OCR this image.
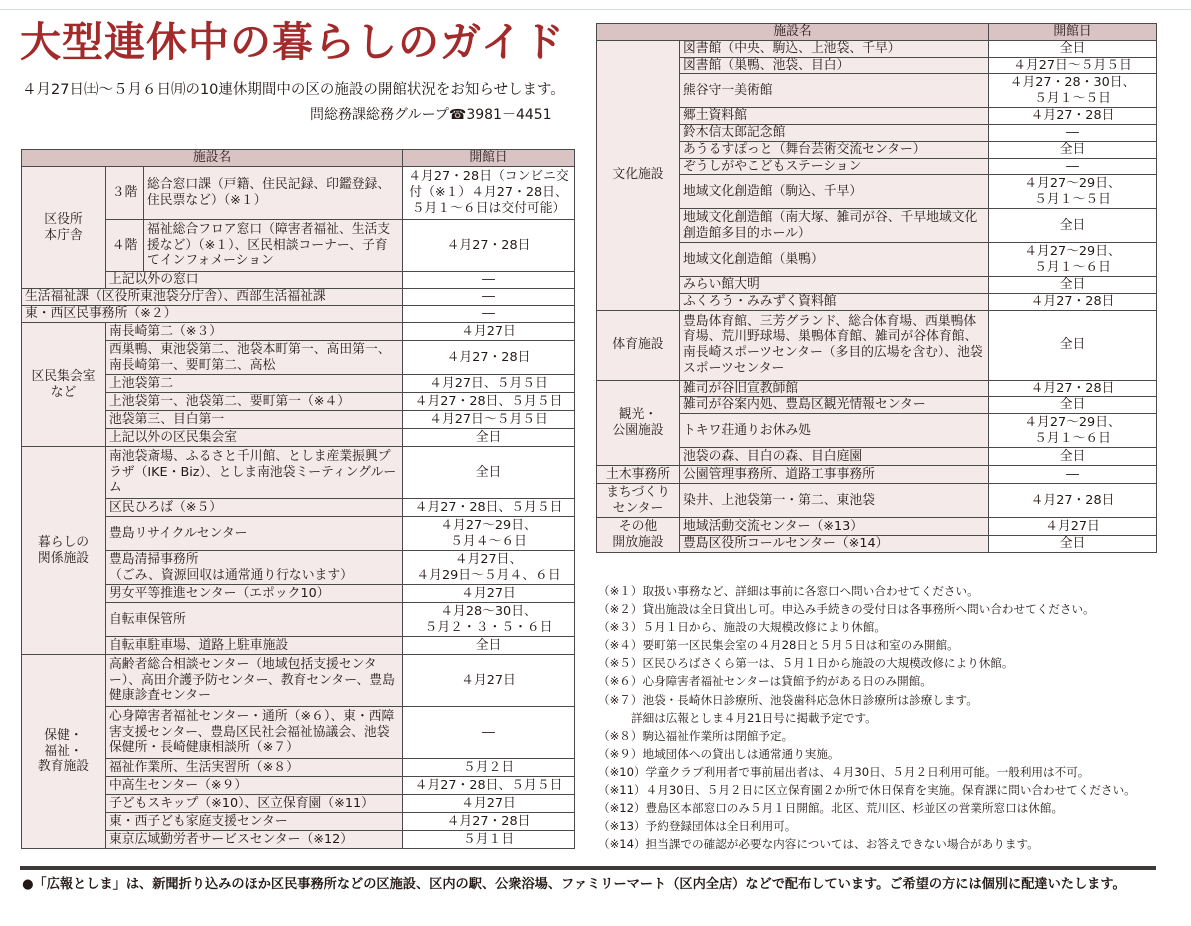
大型連休中の暮らしのガイド
４月27日㈯～５月６日㈪の10連休期間中の区の施設の開館状況をお知らせします。
問総務課総務グループ☎3981－4451
施設名			開館日
区役所
本庁舎	３階	総合窓口課（戸籍、住民記録、印鑑登録、住民票など）（※１）	４月27・28日（コンビニ交付（※１）４月27・28日、５月１～６日は交付可能）
	４階	福祉総合フロア窓口（障害者福祉、生活支援など）（※１）、区民相談コーナー、子育てインフォメーション	４月27・28日
	上記以外の窓口		―
生活福祉課（区役所東池袋分庁舎）、西部生活福祉課			―
東・西区民事務所（※２）			―
区民集会室
など	南長崎第二（※３）		４月27日
	西巣鴨、東池袋第二、池袋本町第一、高田第一、南長崎第一、要町第二、高松		４月27・28日
	上池袋第二		４月27日、５月５日
	上池袋第一、池袋第二、要町第一（※４）		４月27・28日、５月５日
	池袋第三、目白第一		４月27日～５月５日
	上記以外の区民集会室		全日
暮らしの
関係施設	南池袋斎場、ふるさと千川館、としま産業振興プラザ（IKE・Biz）、としま南池袋ミーティングルーム		全日
	区民ひろば（※５）		４月27・28日、５月５日
	豊島リサイクルセンター		４月27～29日、
５月４～６日
	豊島清掃事務所
（ごみ、資源回収は通常通り行ないます）		４月27日、
４月29日～５月４、６日
	男女平等推進センター（エポック10）		４月27日
	自転車保管所		４月28～30日、
５月２・３・５・６日
	自転車駐車場、道路上駐車施設		全日
保健・
福祉・
教育施設	高齢者総合相談センター（地域包括支援センター）、高田介護予防センター、教育センター、豊島健康診査センター		４月27日
	心身障害者福祉センター・通所（※６）、東・西障害支援センター、豊島区民社会福祉協議会、池袋保健所・長崎健康相談所（※７）		―
	福祉作業所、生活実習所（※８）		５月２日
	中高生センター（※９）		４月27・28日、５月５日
	子どもスキップ（※10）、区立保育園（※11）		４月27日
	東・西子ども家庭支援センター		４月27・28日
	東京広域勤労者サービスセンター（※12）		５月１日
施設名		開館日
文化施設	図書館（中央、駒込、上池袋、千早）	全日
	図書館（巣鴨、池袋、目白）	４月27日～５月５日
	熊谷守一美術館	４月27・28・30日、
５月１～５日
	郷土資料館	４月27・28日
	鈴木信太郎記念館	―
	あうるすぽっと（舞台芸術交流センター）	全日
	ぞうしがやこどもステーション	―
	地域文化創造館（駒込、千早）	４月27～29日、
５月１～５日
	地域文化創造館（南大塚、雑司が谷、千早地域文化創造館多目的ホール）	全日
	地域文化創造館（巣鴨）	４月27～29日、
５月１～６日
	みらい館大明	全日
	ふくろう・みみずく資料館	４月27・28日
体育施設	豊島体育館、三芳グランド、総合体育場、西巣鴨体育場、荒川野球場、巣鴨体育館、雑司が谷体育館、南長崎スポーツセンター（多目的広場を含む）、池袋スポーツセンター	全日
観光・
公園施設	雑司が谷旧宣教師館	４月27・28日
	雑司が谷案内処、豊島区観光情報センター	全日
	トキワ荘通りお休み処	４月27～29日、
５月１～６日
	池袋の森、目白の森、目白庭園	全日
土木事務所	公園管理事務所、道路工事事務所	―
まちづくり
センター	染井、上池袋第一・第二、東池袋	４月27・28日
その他
開放施設	地域活動交流センター（※13）	４月27日
	豊島区役所コールセンター（※14）	全日
（※１）取扱い事務など、詳細は事前に各窓口へ問い合わせてください。
（※２）貸出施設は全日貸出し可。申込み手続きの受付日は各事務所へ問い合わせてください。
（※３）５月１日から、施設の大規模改修により休館。
（※４）要町第一区民集会室の４月28日と５月５日は和室のみ開館。
（※５）区民ひろばさくら第一は、５月１日から施設の大規模改修により休館。
（※６）心身障害者福祉センターは貸館予約がある日のみ開館。
（※７）池袋・長崎休日診療所、池袋歯科応急休日診療所は診療します。
詳細は広報としま４月21日号に掲載予定です。
（※８）駒込福祉作業所は閉館予定。
（※９）地域団体への貸出しは通常通り実施。
（※10）学童クラブ利用者で事前届出者は、４月30日、５月２日利用可能。一般利用は不可。
（※11）４月30日、５月２日に区立保育園２か所で休日保育を実施。保育課に問い合わせてください。
（※12）豊島区本部窓口のみ５月１日開館。北区、荒川区、杉並区の営業所窓口は休館。
（※13）予約登録団体は全日利用可。
（※14）担当課での確認が必要な内容については、お答えできない場合があります。
●「広報としま」は、新聞折り込みのほか区民事務所などの区施設、区内の駅、公衆浴場、ファミリーマート（区内全店）などで配布しています。ご希望の方には個別に配達いたします。
